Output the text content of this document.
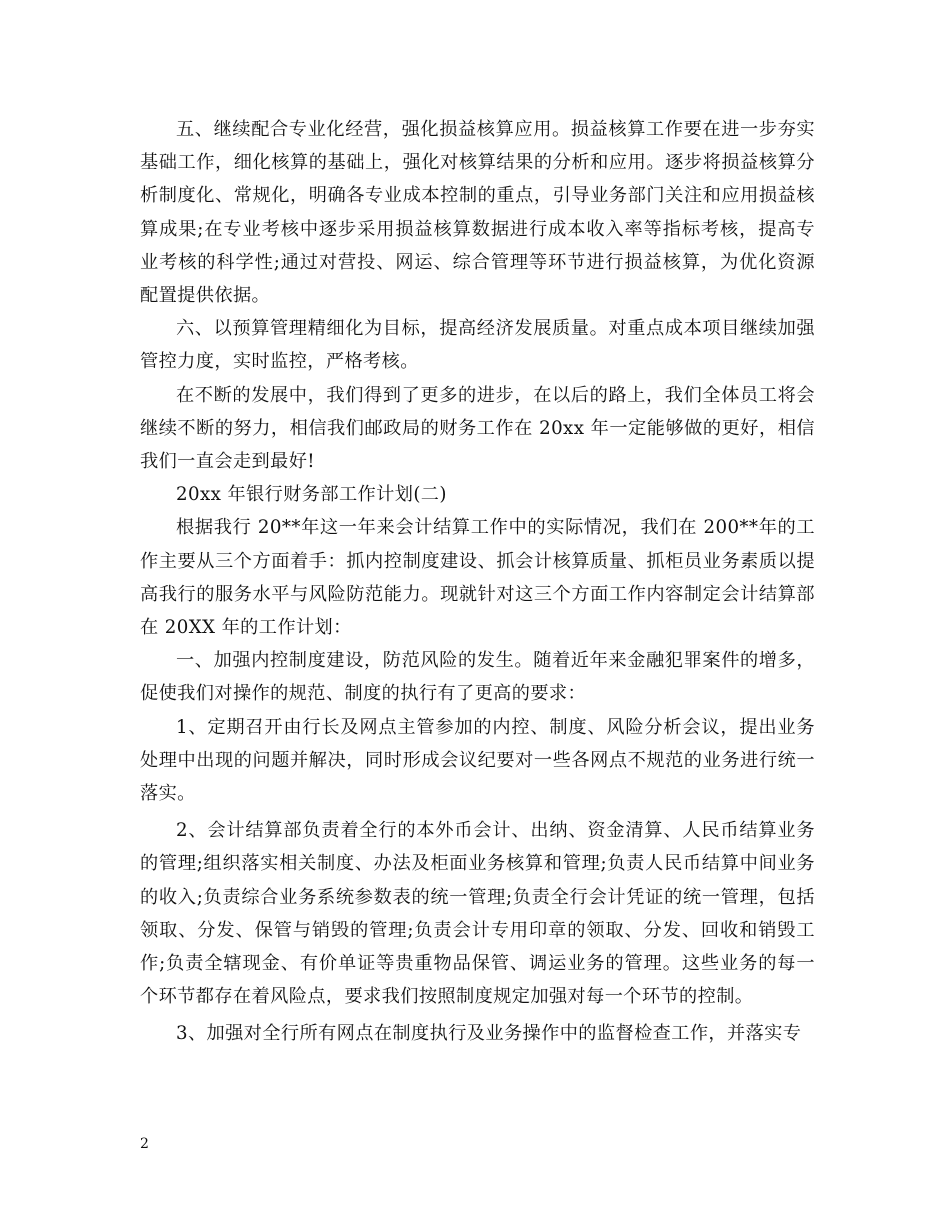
五、继续配合专业化经营，强化损益核算应用。损益核算工作要在进一步夯实基础工作，细化核算的基础上，强化对核算结果的分析和应用。逐步将损益核算分析制度化、常规化，明确各专业成本控制的重点，引导业务部门关注和应用损益核算成果;在专业考核中逐步采用损益核算数据进行成本收入率等指标考核，提高专业考核的科学性;通过对营投、网运、综合管理等环节进行损益核算，为优化资源配置提供依据。

六、以预算管理精细化为目标，提高经济发展质量。对重点成本项目继续加强管控力度，实时监控，严格考核。

在不断的发展中，我们得到了更多的进步，在以后的路上，我们全体员工将会继续不断的努力，相信我们邮政局的财务工作在 20xx 年一定能够做的更好，相信我们一直会走到最好!

20xx 年银行财务部工作计划(二)

根据我行 20**年这一年来会计结算工作中的实际情况，我们在 200**年的工作主要从三个方面着手：抓内控制度建设、抓会计核算质量、抓柜员业务素质以提高我行的服务水平与风险防范能力。现就针对这三个方面工作内容制定会计结算部在 20XX 年的工作计划：

一、加强内控制度建设，防范风险的发生。随着近年来金融犯罪案件的增多，促使我们对操作的规范、制度的执行有了更高的要求：

1、定期召开由行长及网点主管参加的内控、制度、风险分析会议，提出业务处理中出现的问题并解决，同时形成会议纪要对一些各网点不规范的业务进行统一落实。

2、会计结算部负责着全行的本外币会计、出纳、资金清算、人民币结算业务的管理;组织落实相关制度、办法及柜面业务核算和管理;负责人民币结算中间业务的收入;负责综合业务系统参数表的统一管理;负责全行会计凭证的统一管理，包括领取、分发、保管与销毁的管理;负责会计专用印章的领取、分发、回收和销毁工作;负责全辖现金、有价单证等贵重物品保管、调运业务的管理。这些业务的每一个环节都存在着风险点，要求我们按照制度规定加强对每一个环节的控制。

3、加强对全行所有网点在制度执行及业务操作中的监督检查工作，并落实专

2
